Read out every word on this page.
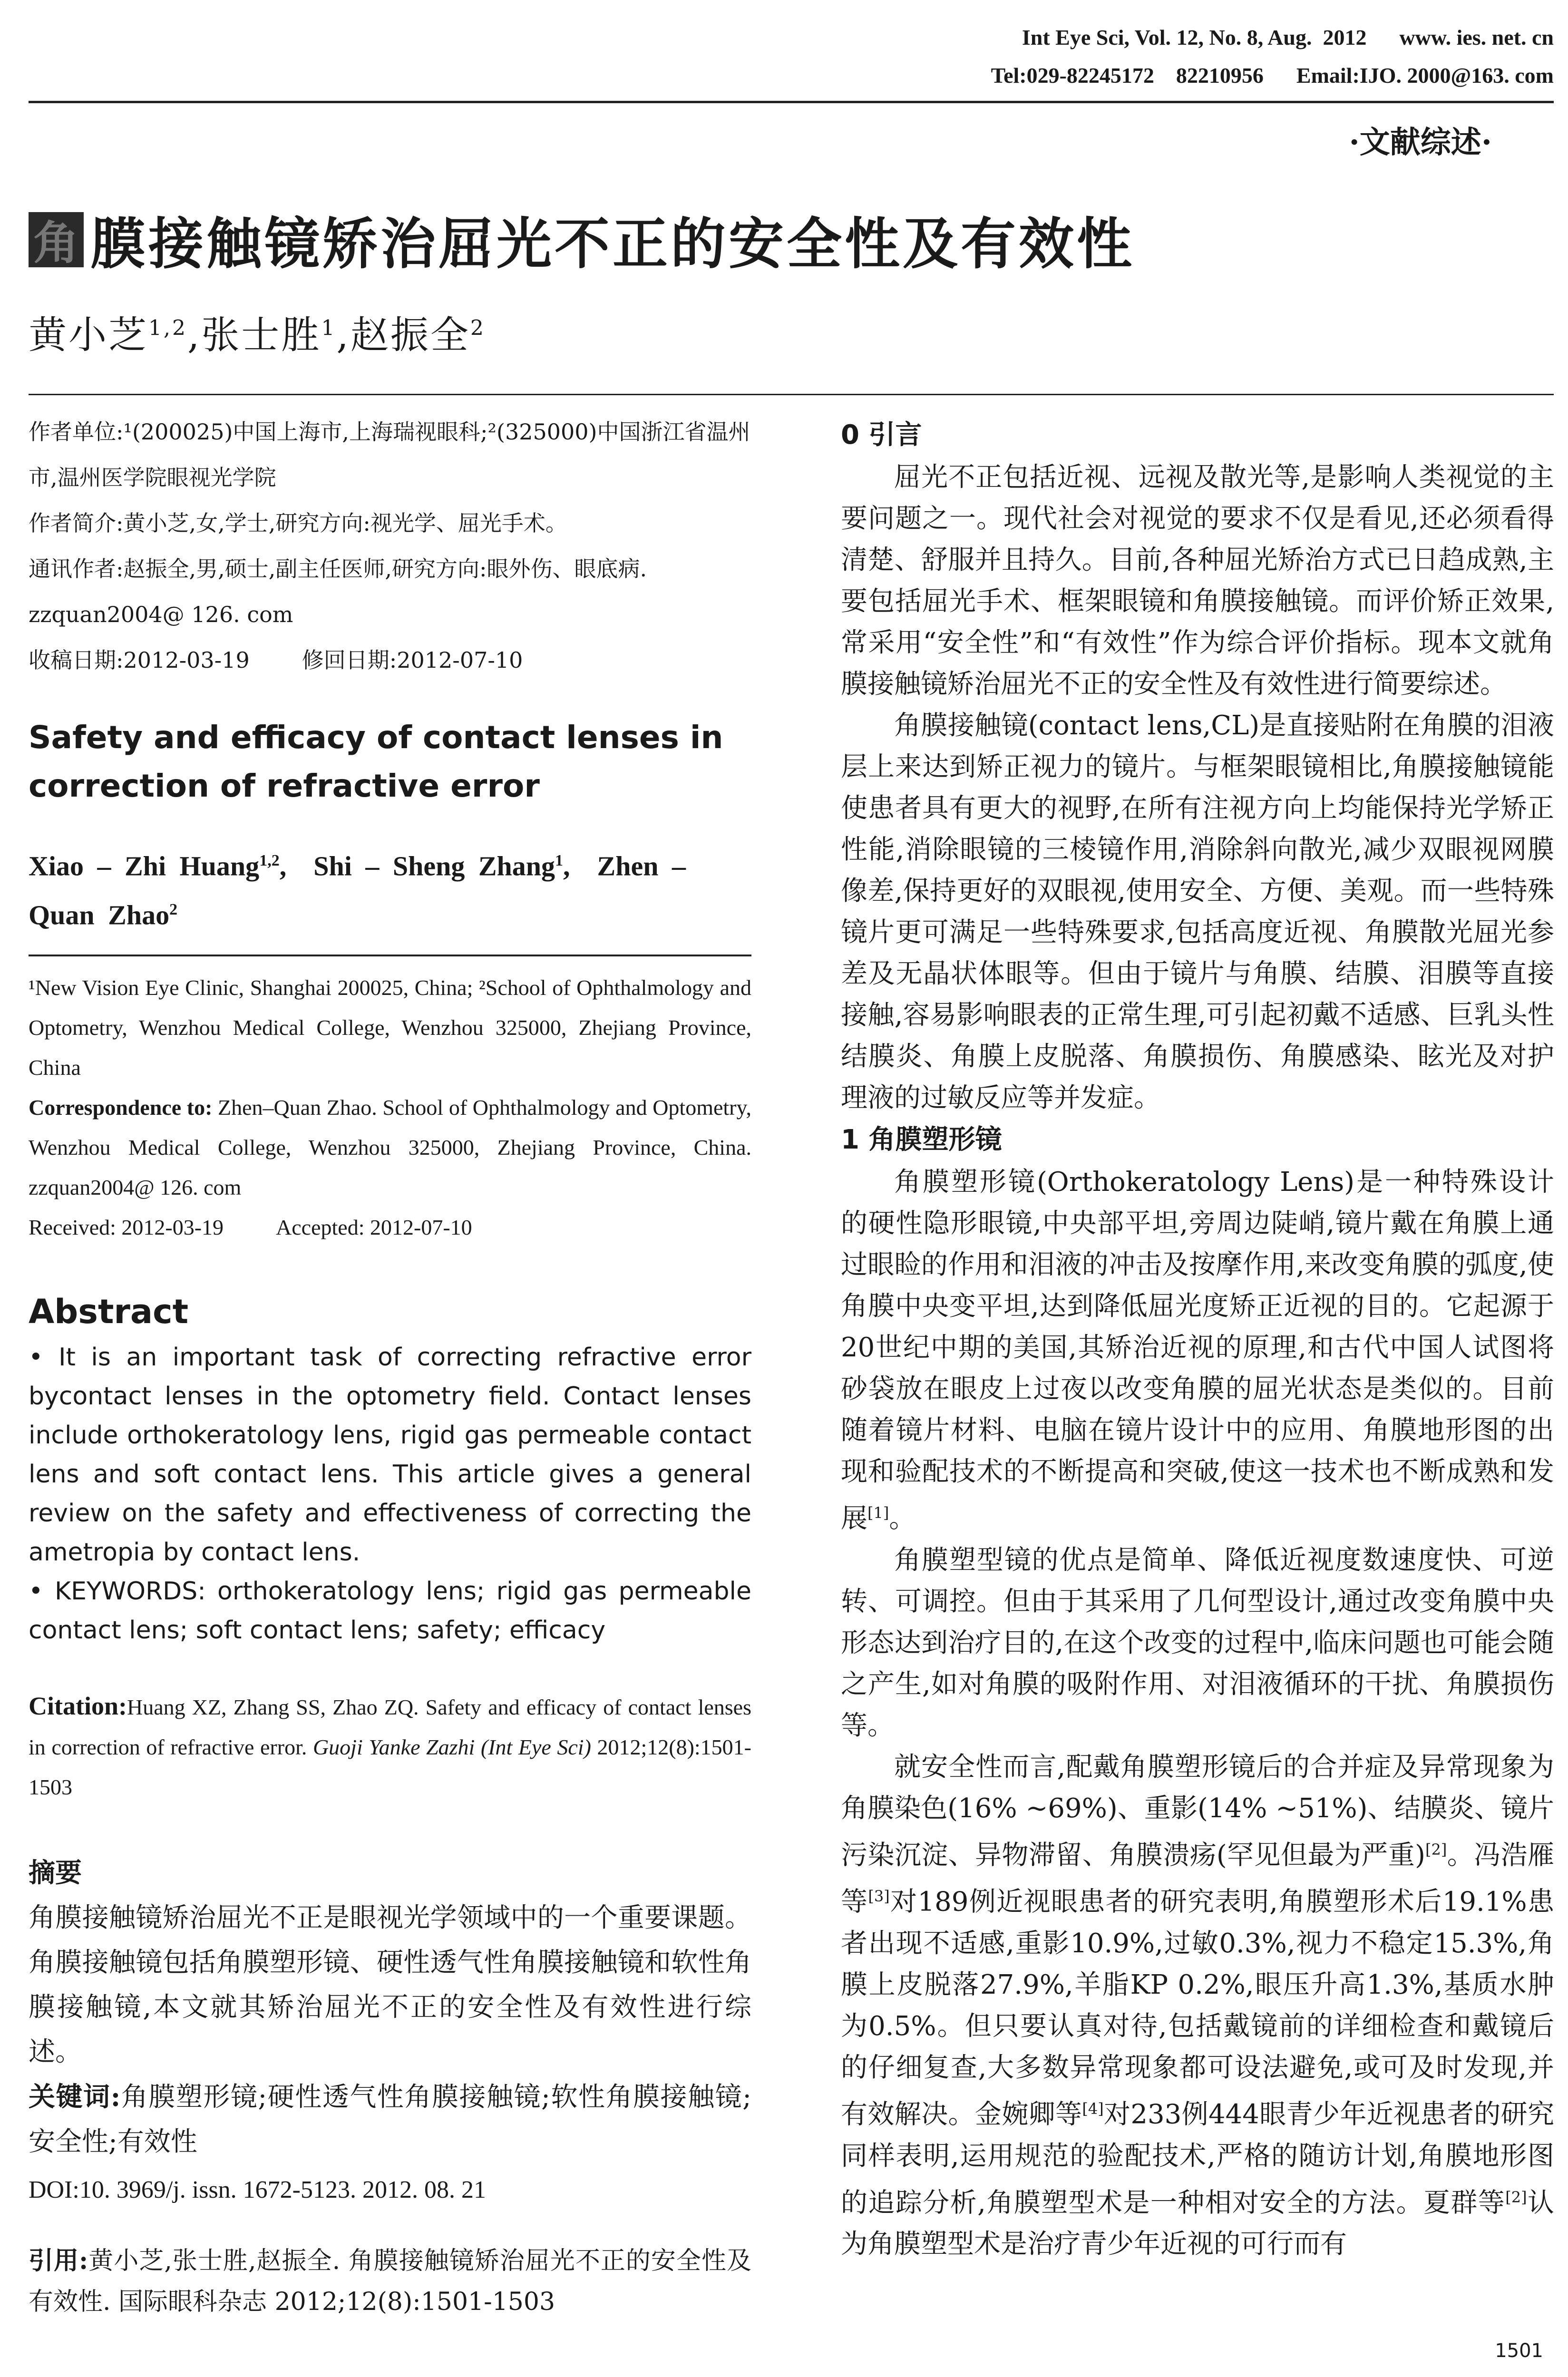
Int Eye Sci, Vol. 12, No. 8, Aug.  2012      www. ies. net. cn
Tel:029-82245172    82210956      Email:IJO. 2000@163. com
·文献综述·
角 膜接触镜矫治屈光不正的安全性及有效性
黄小芝$^{1,2}$,张士胜$^1$,赵振全$^2$
作者单位:¹(200025)中国上海市,上海瑞视眼科;²(325000)中国浙江省温州市,温州医学院眼视光学院
作者简介:黄小芝,女,学士,研究方向:视光学、屈光手术。
通讯作者:赵振全,男,硕士,副主任医师,研究方向:眼外伤、眼底病. zzquan2004@ 126. com
收稿日期:2012-03-19 修回日期:2012-07-10
Safety and efficacy of contact lenses in correction of refractive error
Xiao – Zhi Huang$^{1,2}$, Shi – Sheng Zhang$^1$, Zhen – Quan Zhao$^2$
¹New Vision Eye Clinic, Shanghai 200025, China; ²School of Ophthalmology and Optometry, Wenzhou Medical College, Wenzhou 325000, Zhejiang Province, China
Correspondence to: Zhen–Quan Zhao. School of Ophthalmology and Optometry, Wenzhou Medical College, Wenzhou 325000, Zhejiang Province, China. zzquan2004@ 126. com
Received: 2012-03-19 Accepted: 2012-07-10
Abstract
• It is an important task of correcting refractive error bycontact lenses in the optometry field. Contact lenses include orthokeratology lens, rigid gas permeable contact lens and soft contact lens. This article gives a general review on the safety and effectiveness of correcting the ametropia by contact lens.
• KEYWORDS: orthokeratology lens; rigid gas permeable contact lens; soft contact lens; safety; efficacy
Citation:Huang XZ, Zhang SS, Zhao ZQ. Safety and efficacy of contact lenses in correction of refractive error. Guoji Yanke Zazhi (Int Eye Sci) 2012;12(8):1501-1503
摘要
角膜接触镜矫治屈光不正是眼视光学领域中的一个重要课题。角膜接触镜包括角膜塑形镜、硬性透气性角膜接触镜和软性角膜接触镜,本文就其矫治屈光不正的安全性及有效性进行综述。
关键词:角膜塑形镜;硬性透气性角膜接触镜;软性角膜接触镜;安全性;有效性
DOI:10. 3969/j. issn. 1672-5123. 2012. 08. 21
引用:黄小芝,张士胜,赵振全. 角膜接触镜矫治屈光不正的安全性及有效性. 国际眼科杂志 2012;12(8):1501-1503
0 引言
屈光不正包括近视、远视及散光等,是影响人类视觉的主要问题之一。现代社会对视觉的要求不仅是看见,还必须看得清楚、舒服并且持久。目前,各种屈光矫治方式已日趋成熟,主要包括屈光手术、框架眼镜和角膜接触镜。而评价矫正效果,常采用“安全性”和“有效性”作为综合评价指标。现本文就角膜接触镜矫治屈光不正的安全性及有效性进行简要综述。
角膜接触镜(contact lens,CL)是直接贴附在角膜的泪液层上来达到矫正视力的镜片。与框架眼镜相比,角膜接触镜能使患者具有更大的视野,在所有注视方向上均能保持光学矫正性能,消除眼镜的三棱镜作用,消除斜向散光,减少双眼视网膜像差,保持更好的双眼视,使用安全、方便、美观。而一些特殊镜片更可满足一些特殊要求,包括高度近视、角膜散光屈光参差及无晶状体眼等。但由于镜片与角膜、结膜、泪膜等直接接触,容易影响眼表的正常生理,可引起初戴不适感、巨乳头性结膜炎、角膜上皮脱落、角膜损伤、角膜感染、眩光及对护理液的过敏反应等并发症。
1 角膜塑形镜
角膜塑形镜(Orthokeratology Lens)是一种特殊设计的硬性隐形眼镜,中央部平坦,旁周边陡峭,镜片戴在角膜上通过眼睑的作用和泪液的冲击及按摩作用,来改变角膜的弧度,使角膜中央变平坦,达到降低屈光度矫正近视的目的。它起源于20世纪中期的美国,其矫治近视的原理,和古代中国人试图将砂袋放在眼皮上过夜以改变角膜的屈光状态是类似的。目前随着镜片材料、电脑在镜片设计中的应用、角膜地形图的出现和验配技术的不断提高和突破,使这一技术也不断成熟和发展[1]。
角膜塑型镜的优点是简单、降低近视度数速度快、可逆转、可调控。但由于其采用了几何型设计,通过改变角膜中央形态达到治疗目的,在这个改变的过程中,临床问题也可能会随之产生,如对角膜的吸附作用、对泪液循环的干扰、角膜损伤等。
就安全性而言,配戴角膜塑形镜后的合并症及异常现象为角膜染色(16% ~69%)、重影(14% ~51%)、结膜炎、镜片污染沉淀、异物滞留、角膜溃疡(罕见但最为严重)[2]。冯浩雁等[3]对189例近视眼患者的研究表明,角膜塑形术后19.1%患者出现不适感,重影10.9%,过敏0.3%,视力不稳定15.3%,角膜上皮脱落27.9%,羊脂KP 0.2%,眼压升高1.3%,基质水肿为0.5%。但只要认真对待,包括戴镜前的详细检查和戴镜后的仔细复查,大多数异常现象都可设法避免,或可及时发现,并有效解决。金婉卿等[4]对233例444眼青少年近视患者的研究同样表明,运用规范的验配技术,严格的随访计划,角膜地形图的追踪分析,角膜塑型术是一种相对安全的方法。夏群等[2]认为角膜塑型术是治疗青少年近视的可行而有
1501
